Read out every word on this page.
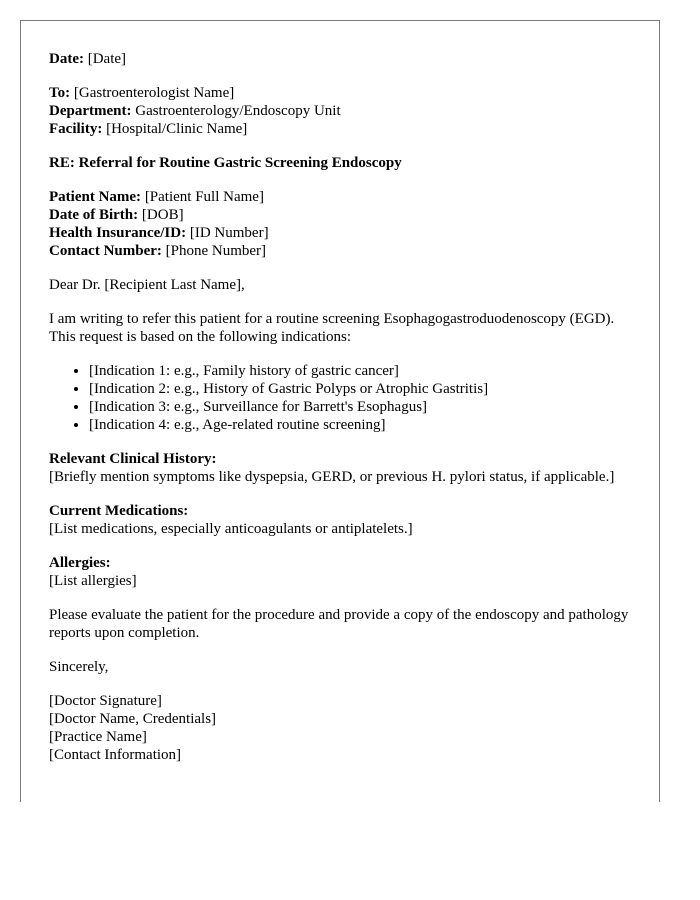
Date: [Date]

To: [Gastroenterologist Name]
Department: Gastroenterology/Endoscopy Unit
Facility: [Hospital/Clinic Name]

RE: Referral for Routine Gastric Screening Endoscopy

Patient Name: [Patient Full Name]
Date of Birth: [DOB]
Health Insurance/ID: [ID Number]
Contact Number: [Phone Number]

Dear Dr. [Recipient Last Name],

I am writing to refer this patient for a routine screening Esophagogastroduodenoscopy (EGD). This request is based on the following indications:

• [Indication 1: e.g., Family history of gastric cancer]
• [Indication 2: e.g., History of Gastric Polyps or Atrophic Gastritis]
• [Indication 3: e.g., Surveillance for Barrett's Esophagus]
• [Indication 4: e.g., Age-related routine screening]
Relevant Clinical History:
[Briefly mention symptoms like dyspepsia, GERD, or previous H. pylori status, if applicable.]
Current Medications:
[List medications, especially anticoagulants or antiplatelets.]
Allergies:
[List allergies]

Please evaluate the patient for the procedure and provide a copy of the endoscopy and pathology reports upon completion.

Sincerely,

[Doctor Signature]
[Doctor Name, Credentials]
[Practice Name]
[Contact Information]
